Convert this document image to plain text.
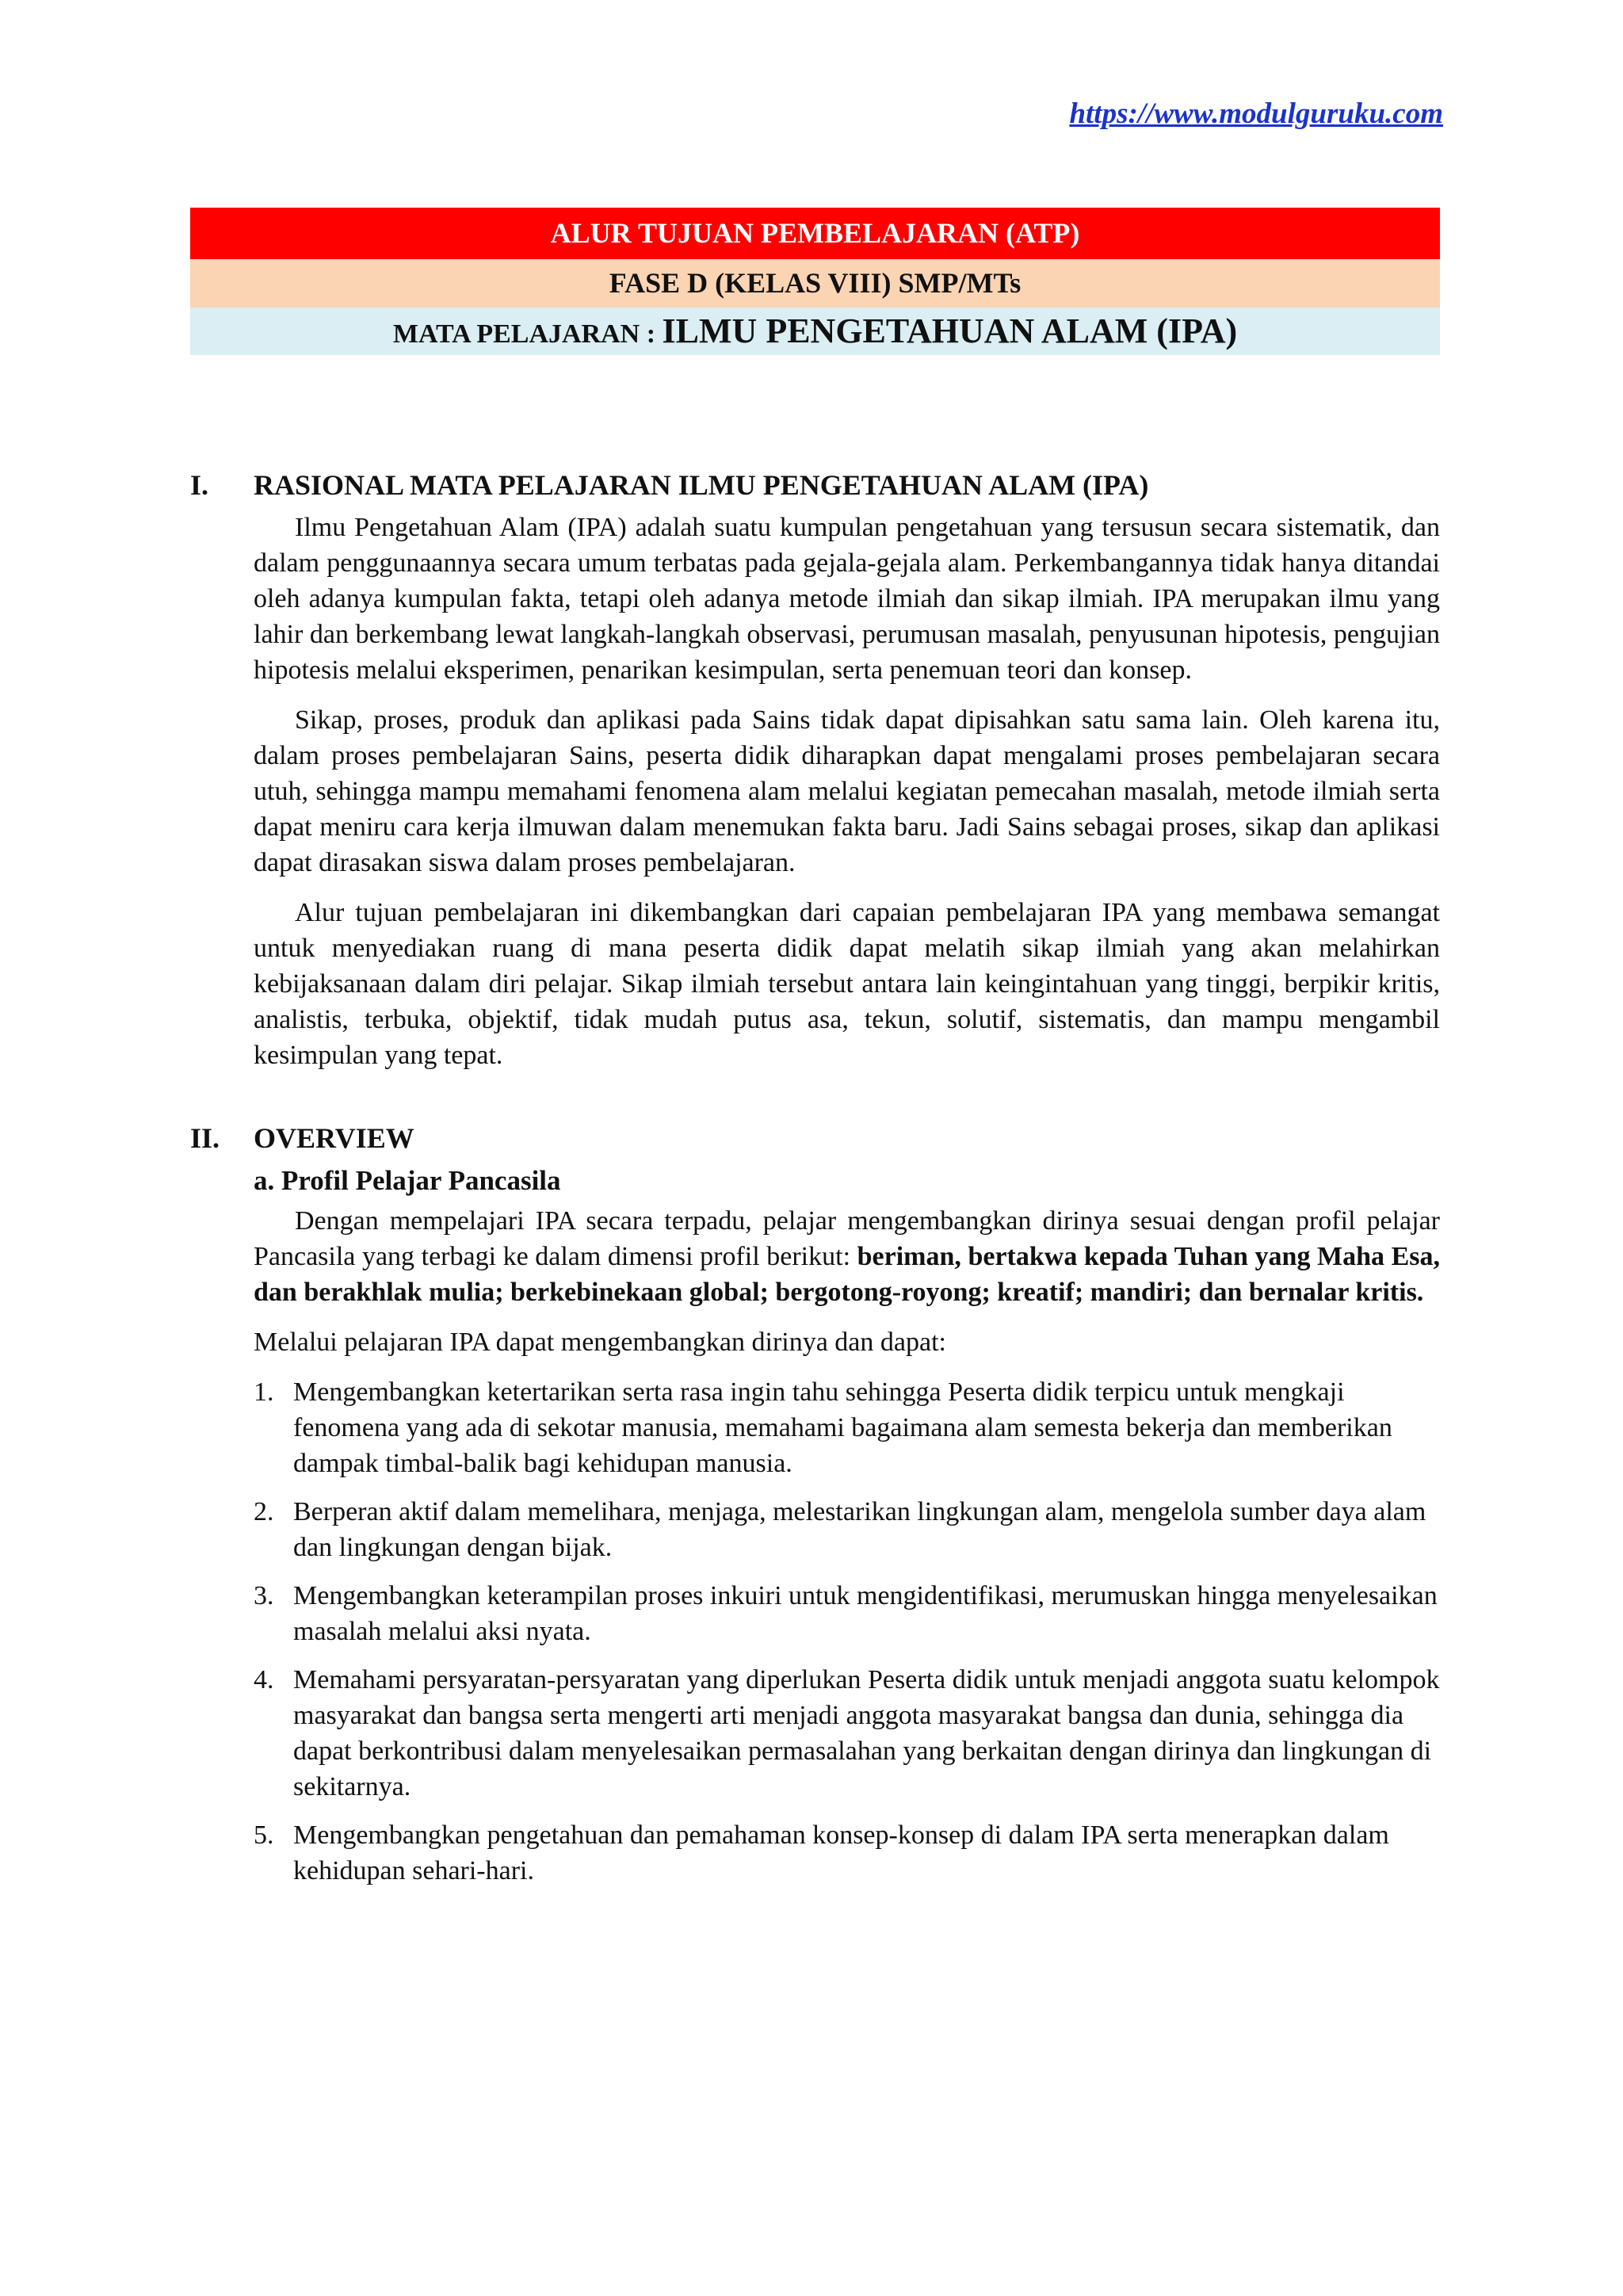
https://www.modulguruku.com
ALUR TUJUAN PEMBELAJARAN (ATP)
FASE D (KELAS VIII) SMP/MTs
MATA PELAJARAN : ILMU PENGETAHUAN ALAM (IPA)
I.	RASIONAL MATA PELAJARAN ILMU PENGETAHUAN ALAM (IPA)

Ilmu Pengetahuan Alam (IPA) adalah suatu kumpulan pengetahuan yang tersusun secara sistematik, dan dalam penggunaannya secara umum terbatas pada gejala-gejala alam. Perkembangannya tidak hanya ditandai oleh adanya kumpulan fakta, tetapi oleh adanya metode ilmiah dan sikap ilmiah. IPA merupakan ilmu yang lahir dan berkembang lewat langkah-langkah observasi, perumusan masalah, penyusunan hipotesis, pengujian hipotesis melalui eksperimen, penarikan kesimpulan, serta penemuan teori dan konsep.

Sikap, proses, produk dan aplikasi pada Sains tidak dapat dipisahkan satu sama lain. Oleh karena itu, dalam proses pembelajaran Sains, peserta didik diharapkan dapat mengalami proses pembelajaran secara utuh, sehingga mampu memahami fenomena alam melalui kegiatan pemecahan masalah, metode ilmiah serta dapat meniru cara kerja ilmuwan dalam menemukan fakta baru. Jadi Sains sebagai proses, sikap dan aplikasi dapat dirasakan siswa dalam proses pembelajaran.

Alur tujuan pembelajaran ini dikembangkan dari capaian pembelajaran IPA yang membawa semangat untuk menyediakan ruang di mana peserta didik dapat melatih sikap ilmiah yang akan melahirkan kebijaksanaan dalam diri pelajar. Sikap ilmiah tersebut antara lain keingintahuan yang tinggi, berpikir kritis, analistis, terbuka, objektif, tidak mudah putus asa, tekun, solutif, sistematis, dan mampu mengambil kesimpulan yang tepat.

II.	OVERVIEW
a. Profil Pelajar Pancasila

Dengan mempelajari IPA secara terpadu, pelajar mengembangkan dirinya sesuai dengan profil pelajar Pancasila yang terbagi ke dalam dimensi profil berikut: beriman, bertakwa kepada Tuhan yang Maha Esa, dan berakhlak mulia; berkebinekaan global; bergotong-royong; kreatif; mandiri; dan bernalar kritis.

Melalui pelajaran IPA dapat mengembangkan dirinya dan dapat:

1. Mengembangkan ketertarikan serta rasa ingin tahu sehingga Peserta didik terpicu untuk mengkaji fenomena yang ada di sekotar manusia, memahami bagaimana alam semesta bekerja dan memberikan dampak timbal-balik bagi kehidupan manusia.
2. Berperan aktif dalam memelihara, menjaga, melestarikan lingkungan alam, mengelola sumber daya alam dan lingkungan dengan bijak.
3. Mengembangkan keterampilan proses inkuiri untuk mengidentifikasi, merumuskan hingga menyelesaikan masalah melalui aksi nyata.
4. Memahami persyaratan-persyaratan yang diperlukan Peserta didik untuk menjadi anggota suatu kelompok masyarakat dan bangsa serta mengerti arti menjadi anggota masyarakat bangsa dan dunia, sehingga dia dapat berkontribusi dalam menyelesaikan permasalahan yang berkaitan dengan dirinya dan lingkungan di sekitarnya.
5. Mengembangkan pengetahuan dan pemahaman konsep-konsep di dalam IPA serta menerapkan dalam kehidupan sehari-hari.
